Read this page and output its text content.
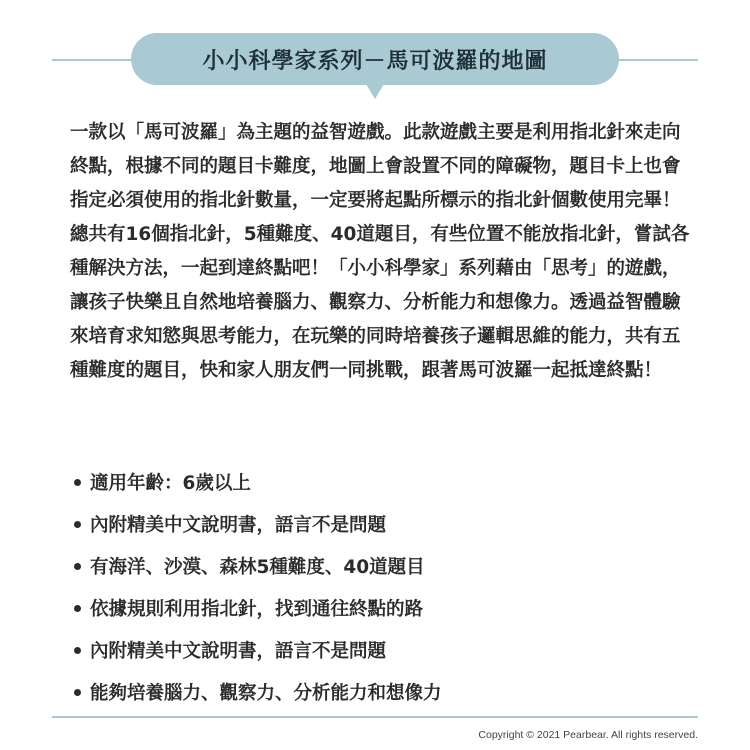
小小科學家系列－馬可波羅的地圖

一款以「馬可波羅」為主題的益智遊戲。此款遊戲主要是利用指北針來走向終點，根據不同的題目卡難度，地圖上會設置不同的障礙物，題目卡上也會指定必須使用的指北針數量，一定要將起點所標示的指北針個數使用完畢！總共有16個指北針，5種難度、40道題目，有些位置不能放指北針，嘗試各種解決方法，一起到達終點吧！「小小科學家」系列藉由「思考」的遊戲，讓孩子快樂且自然地培養腦力、觀察力、分析能力和想像力。透過益智體驗來培育求知慾與思考能力，在玩樂的同時培養孩子邏輯思維的能力，共有五種難度的題目，快和家人朋友們一同挑戰，跟著馬可波羅一起抵達終點！

適用年齡：6歲以上
內附精美中文說明書，語言不是問題
有海洋、沙漠、森林5種難度、40道題目
依據規則利用指北針，找到通往終點的路
內附精美中文說明書，語言不是問題
能夠培養腦力、觀察力、分析能力和想像力
Copyright © 2021 Pearbear. All rights reserved.
